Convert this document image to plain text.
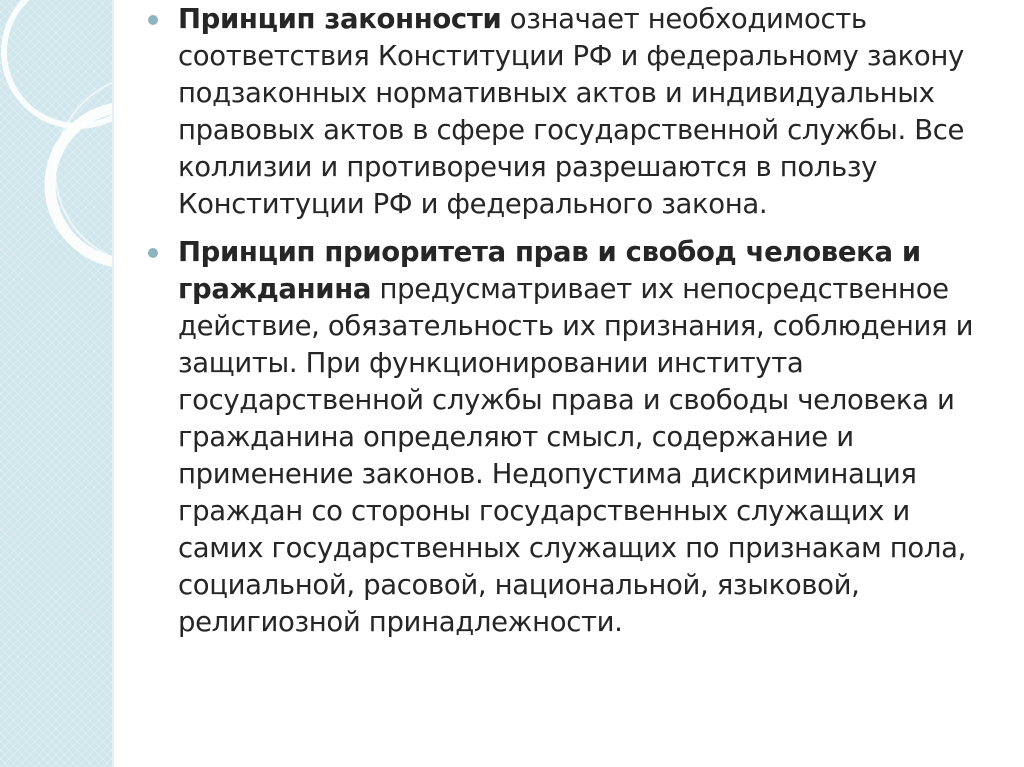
Принцип законности означает необходимость соответствия Конституции РФ и федеральному закону подзаконных нормативных актов и индивидуальных правовых актов в сфере государственной службы. Все коллизии и противоречия разрешаются в пользу Конституции РФ и федерального закона.
Принцип приоритета прав и свобод человека и гражданина предусматривает их непосредственное действие, обязательность их признания, соблюдения и защиты. При функционировании института государственной службы права и свободы человека и гражданина определяют смысл, содержание и применение законов. Недопустима дискриминация граждан со стороны государственных служащих и самих государственных служащих по признакам пола, социальной, расовой, национальной, языковой, религиозной принадлежности.
